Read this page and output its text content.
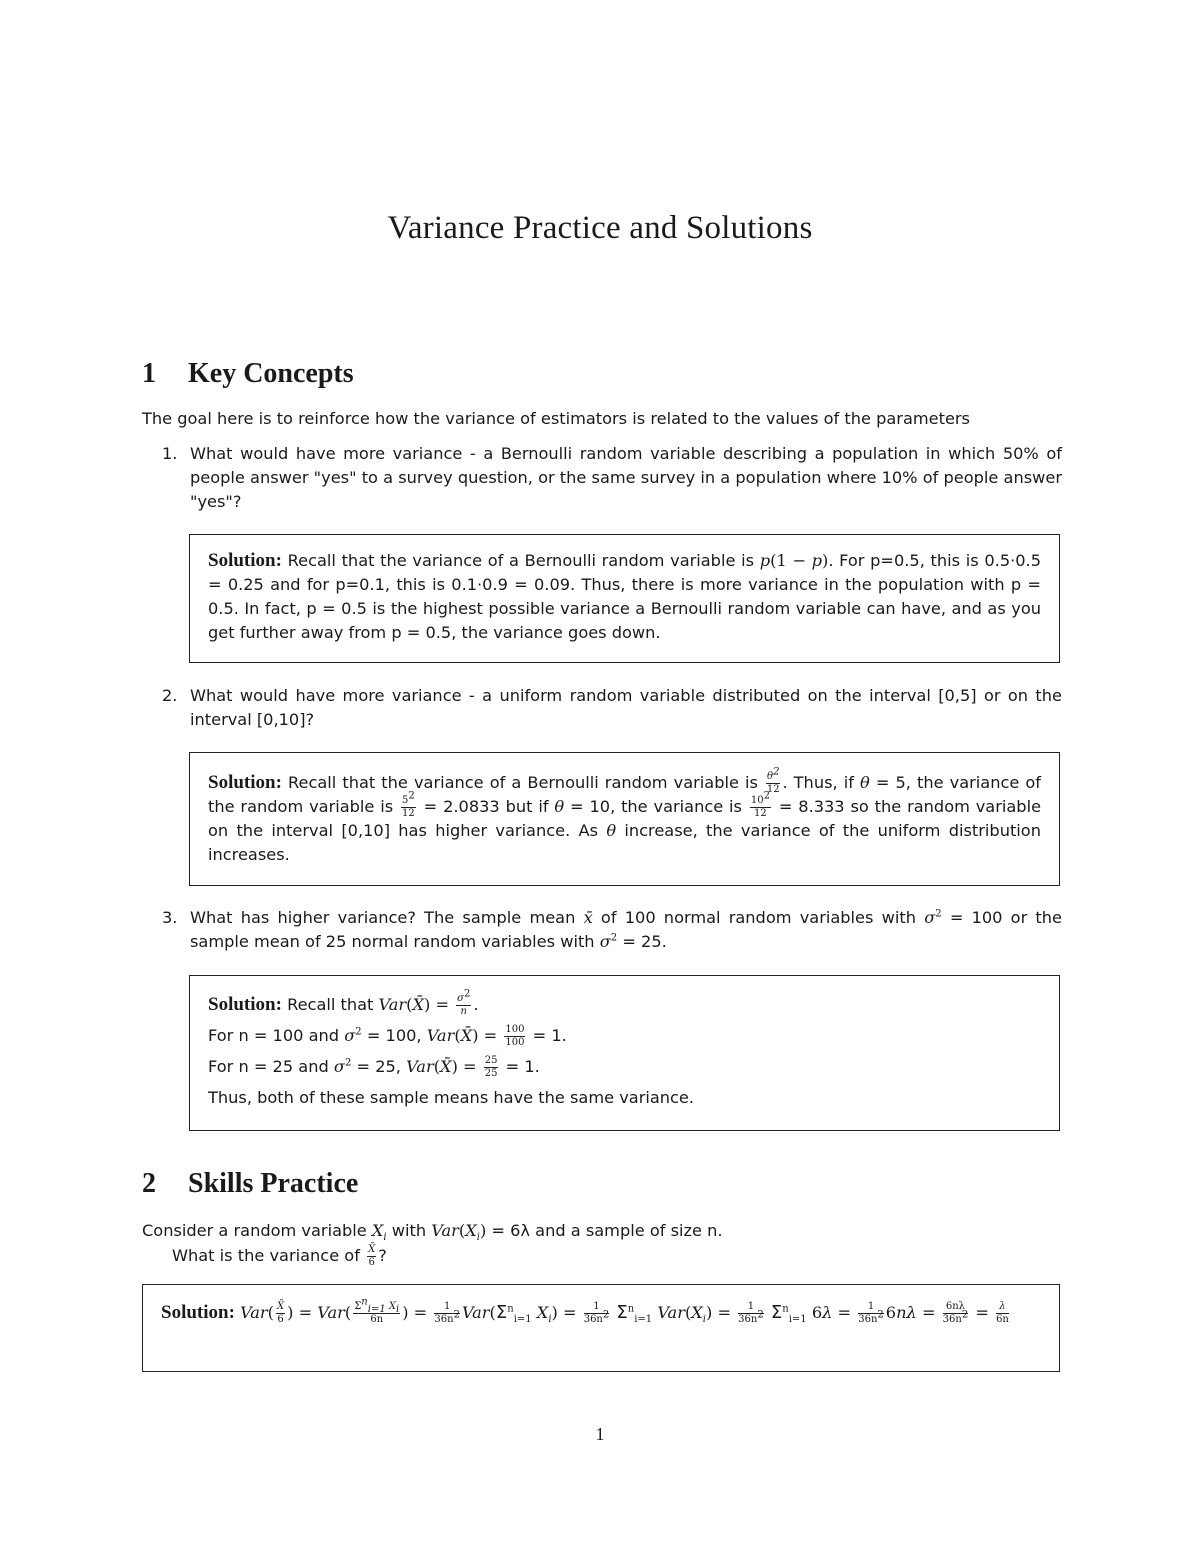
Variance Practice and Solutions
1 Key Concepts

The goal here is to reinforce how the variance of estimators is related to the values of the parameters

1. What would have more variance - a Bernoulli random variable describing a population in which 50% of people answer "yes" to a survey question, or the same survey in a population where 10% of people answer "yes"?
Solution: Recall that the variance of a Bernoulli random variable is p(1 − p). For p=0.5, this is 0.5·0.5 = 0.25 and for p=0.1, this is 0.1·0.9 = 0.09. Thus, there is more variance in the population with p = 0.5. In fact, p = 0.5 is the highest possible variance a Bernoulli random variable can have, and as you get further away from p = 0.5, the variance goes down.
2. What would have more variance - a uniform random variable distributed on the interval [0,5] or on the interval [0,10]?
Solution: Recall that the variance of a Bernoulli random variable is $\frac{\theta^2}{12}$ . Thus, if θ = 5, the variance of the random variable is $\frac{5^2}{12} = 2.0833$ but if θ = 10, the variance is $\frac{10^2}{12} = 8.333$ so the random variable on the interval [0,10] has higher variance. As θ increase, the variance of the uniform distribution increases.
3. What has higher variance? The sample mean x̄ of 100 normal random variables with $\sigma^2 = 100$ or the sample mean of 25 normal random variables with $\sigma^2 = 25$.
Solution: Recall that Var(X̄) = $\frac{\sigma^2}{n}$ .
For n = 100 and $\sigma^2 = 100$, Var(X̄) = $\frac{100}{100} = 1$.
For n = 25 and $\sigma^2 = 25$, Var(X̄) = $\frac{25}{25} = 1$.
Thus, both of these sample means have the same variance.
2 Skills Practice

Consider a random variable $X_i$ with $Var(X_i) = 6\lambda$ and a sample of size n.

What is the variance of $\frac{X̄}{6}$ ?

Solution: $Var( \frac{X̄}{6}$ ) = $Var( \frac{\Sigma^n_{i=1} X_i}{6n}$ ) = $\frac{1}{36n^2} Var(\Sigma^n_{i=1}$ $X_i) = \frac{1}{36n^2} \Sigma^n_{i=1}$ $Var(X_i) = \frac{1}{36n^2} \Sigma^n_{i=1}$ $6\lambda = \frac{1}{36n^2} 6n\lambda = \frac{6n\lambda}{36n^2} = \frac{\lambda}{6n}$
1
